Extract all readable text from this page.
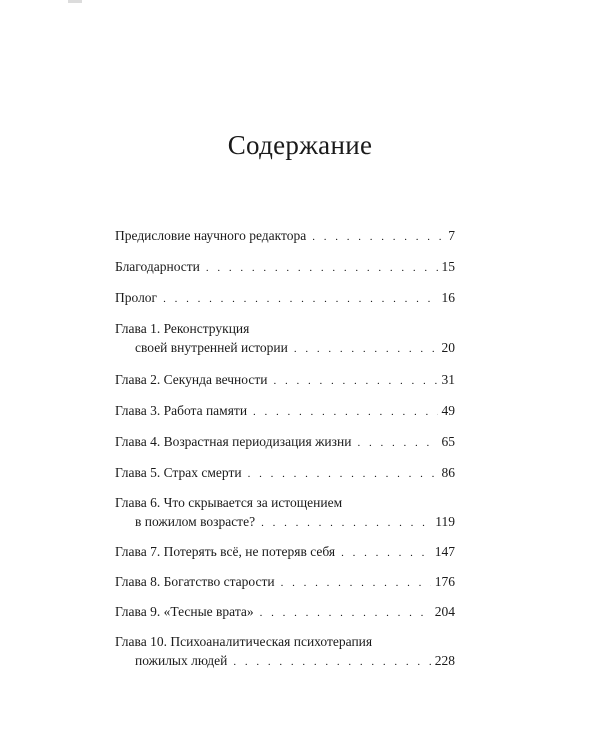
Содержание
Предисловие научного редактора . . .	7
Благодарности . . .	15
Пролог . . .	16
Глава 1. Реконструкция
своей внутренней истории . . .	20
Глава 2. Секунда вечности . . .	31
Глава 3. Работа памяти . . .	49
Глава 4. Возрастная периодизация жизни . . .	65
Глава 5. Страх смерти . . .	86
Глава 6. Что скрывается за истощением
в пожилом возрасте? . . .	119
Глава 7. Потерять всё, не потеряв себя . . .	147
Глава 8. Богатство старости . . .	176
Глава 9. «Тесные врата» . . .	204
Глава 10. Психоаналитическая психотерапия
пожилых людей . . .	228
